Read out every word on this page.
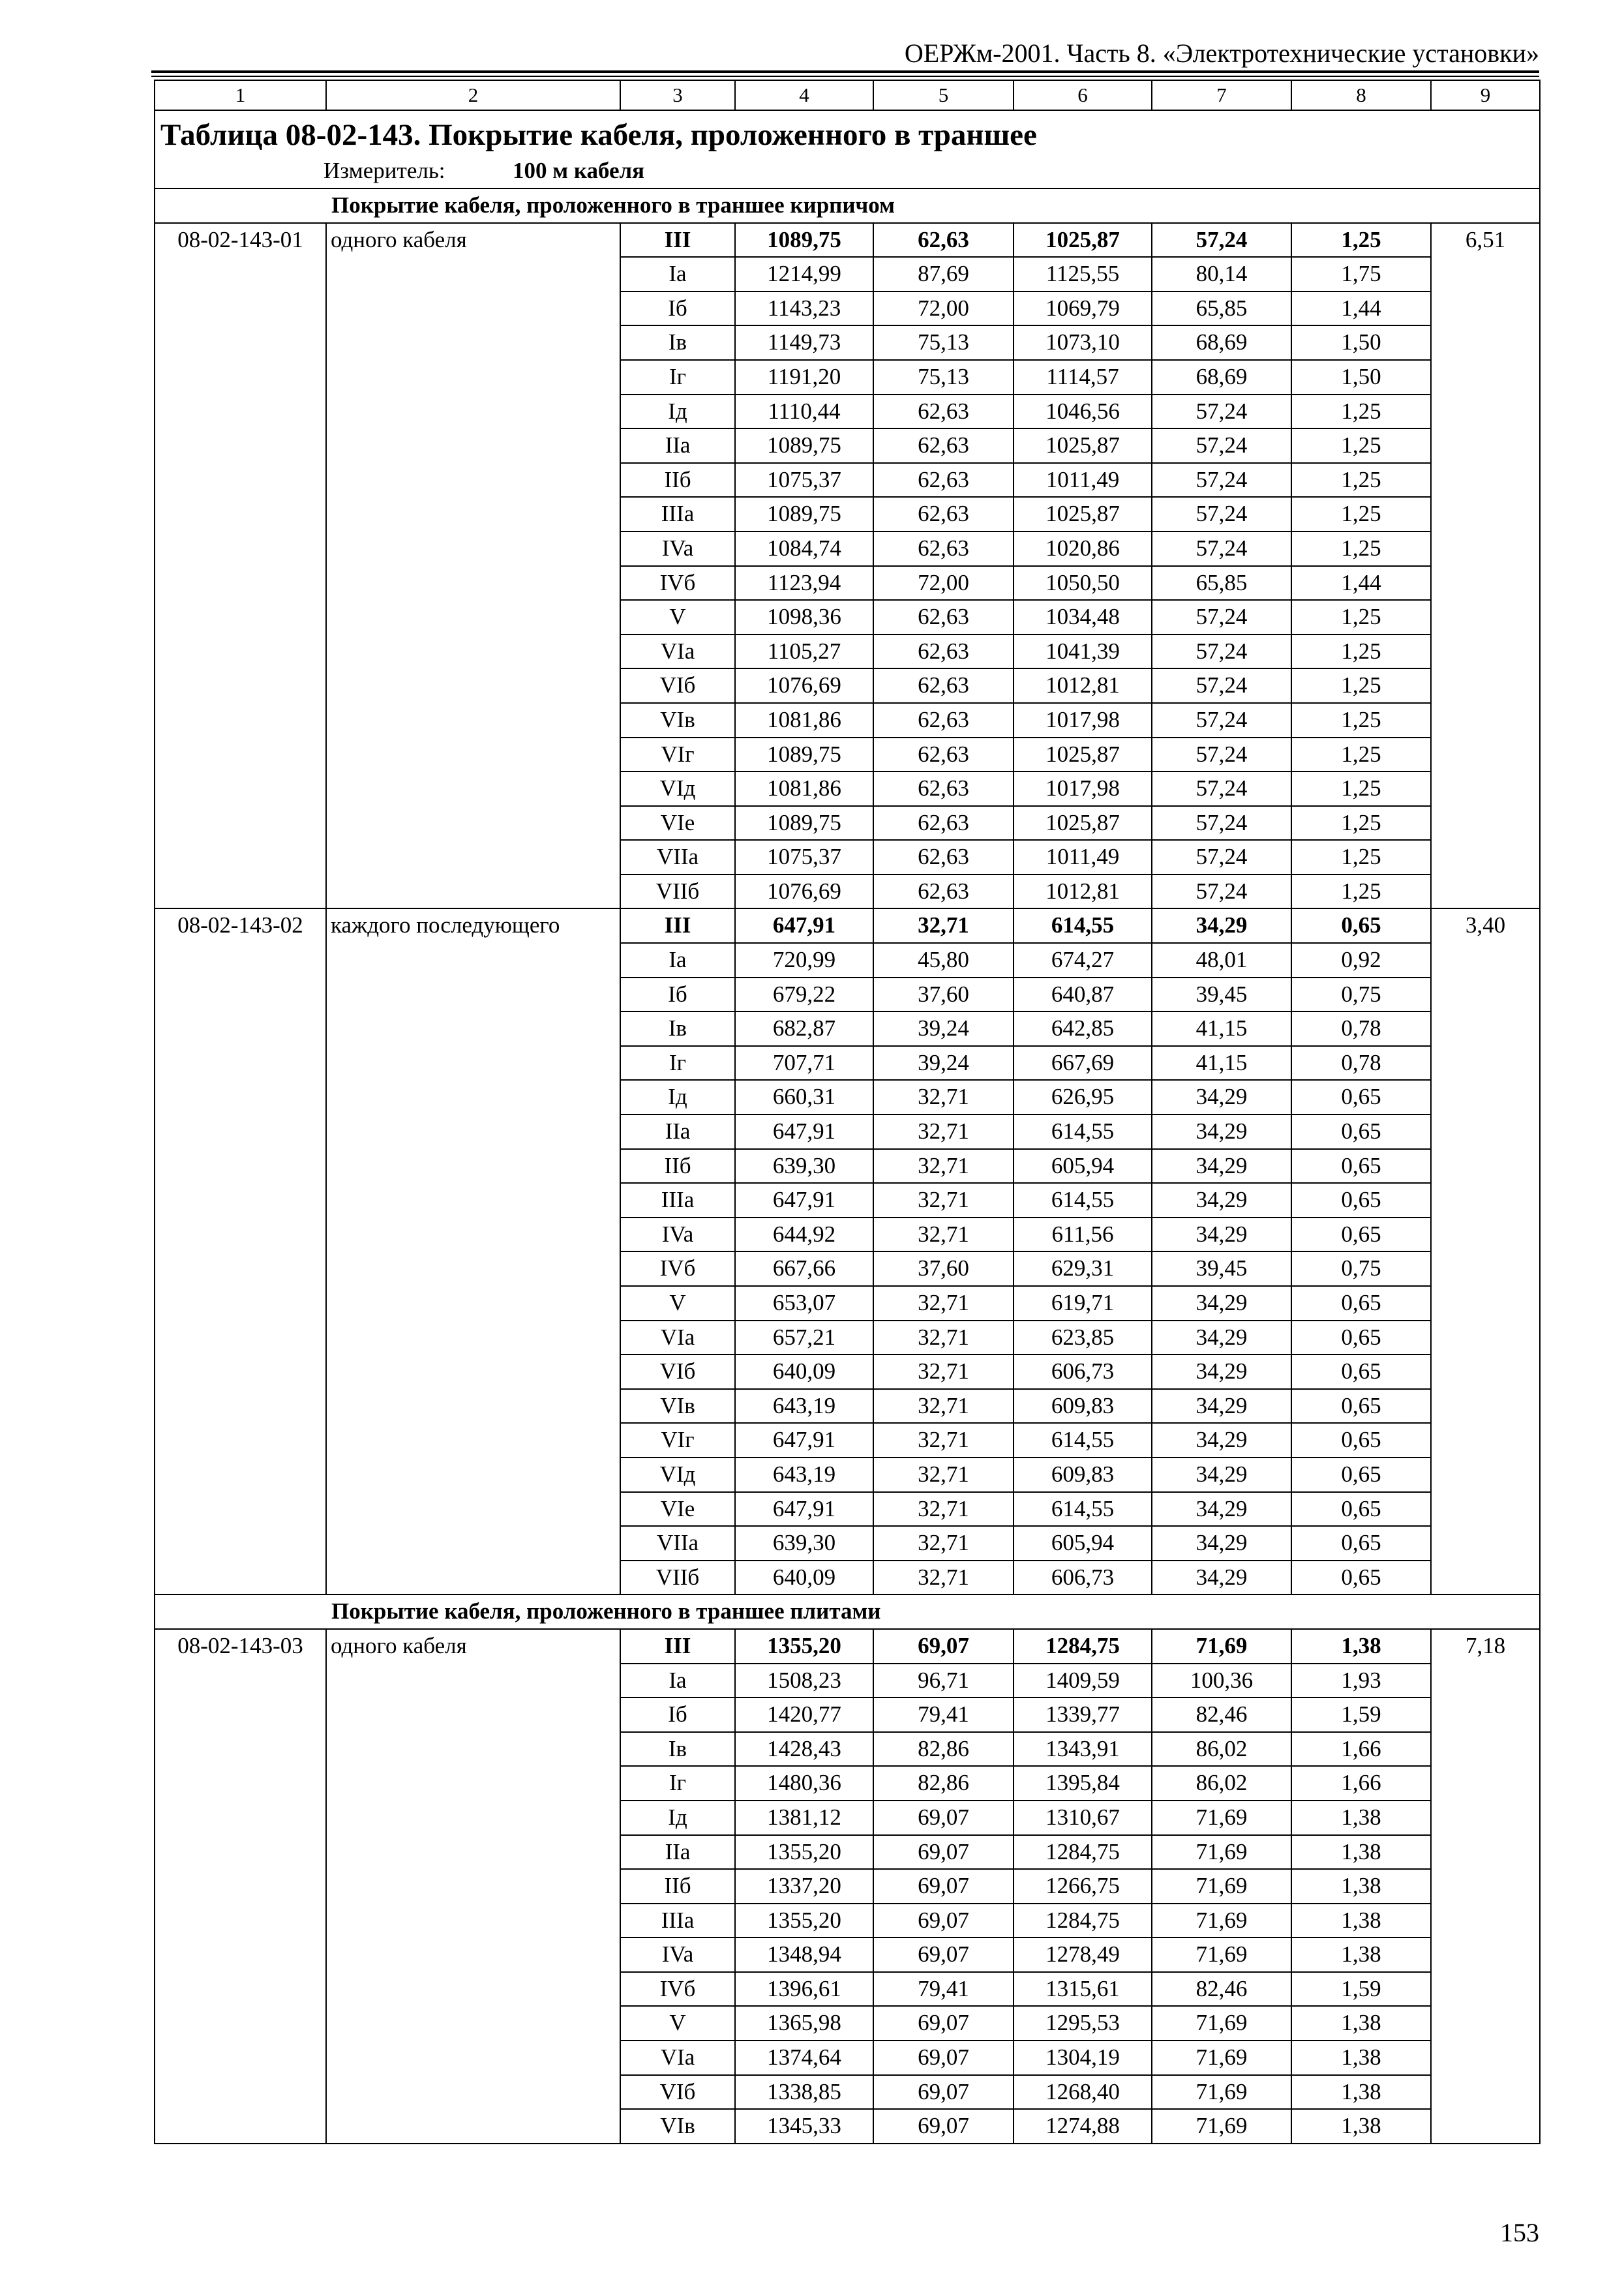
ОЕРЖм-2001. Часть 8. «Электротехнические установки»
1	2	3	4	5	6	7	8	9

Таблица 08-02-143. Покрытие кабеля, проложенного в траншее
Измеритель: 100 м кабеля								

Покрытие кабеля, проложенного в траншее кирпичом								
08-02-143-01	одного кабеля	III	1089,75	62,63	1025,87	57,24	1,25	6,51
		Ia	1214,99	87,69	1125,55	80,14	1,75	
		Iб	1143,23	72,00	1069,79	65,85	1,44	
		Iв	1149,73	75,13	1073,10	68,69	1,50	
		Iг	1191,20	75,13	1114,57	68,69	1,50	
		Iд	1110,44	62,63	1046,56	57,24	1,25	
		IIa	1089,75	62,63	1025,87	57,24	1,25	
		IIб	1075,37	62,63	1011,49	57,24	1,25	
		IIIa	1089,75	62,63	1025,87	57,24	1,25	
		IVa	1084,74	62,63	1020,86	57,24	1,25	
		IVб	1123,94	72,00	1050,50	65,85	1,44	
		V	1098,36	62,63	1034,48	57,24	1,25	
		VIa	1105,27	62,63	1041,39	57,24	1,25	
		VIб	1076,69	62,63	1012,81	57,24	1,25	
		VIв	1081,86	62,63	1017,98	57,24	1,25	
		VIг	1089,75	62,63	1025,87	57,24	1,25	
		VIд	1081,86	62,63	1017,98	57,24	1,25	
		VIe	1089,75	62,63	1025,87	57,24	1,25	
		VIIa	1075,37	62,63	1011,49	57,24	1,25	
		VIIб	1076,69	62,63	1012,81	57,24	1,25	
08-02-143-02	каждого последующего	III	647,91	32,71	614,55	34,29	0,65	3,40
		Ia	720,99	45,80	674,27	48,01	0,92	
		Iб	679,22	37,60	640,87	39,45	0,75	
		Iв	682,87	39,24	642,85	41,15	0,78	
		Iг	707,71	39,24	667,69	41,15	0,78	
		Iд	660,31	32,71	626,95	34,29	0,65	
		IIa	647,91	32,71	614,55	34,29	0,65	
		IIб	639,30	32,71	605,94	34,29	0,65	
		IIIa	647,91	32,71	614,55	34,29	0,65	
		IVa	644,92	32,71	611,56	34,29	0,65	
		IVб	667,66	37,60	629,31	39,45	0,75	
		V	653,07	32,71	619,71	34,29	0,65	
		VIa	657,21	32,71	623,85	34,29	0,65	
		VIб	640,09	32,71	606,73	34,29	0,65	
		VIв	643,19	32,71	609,83	34,29	0,65	
		VIг	647,91	32,71	614,55	34,29	0,65	
		VIд	643,19	32,71	609,83	34,29	0,65	
		VIe	647,91	32,71	614,55	34,29	0,65	
		VIIa	639,30	32,71	605,94	34,29	0,65	
		VIIб	640,09	32,71	606,73	34,29	0,65	
Покрытие кабеля, проложенного в траншее плитами								
08-02-143-03	одного кабеля	III	1355,20	69,07	1284,75	71,69	1,38	7,18
		Ia	1508,23	96,71	1409,59	100,36	1,93	
		Iб	1420,77	79,41	1339,77	82,46	1,59	
		Iв	1428,43	82,86	1343,91	86,02	1,66	
		Iг	1480,36	82,86	1395,84	86,02	1,66	
		Iд	1381,12	69,07	1310,67	71,69	1,38	
		IIa	1355,20	69,07	1284,75	71,69	1,38	
		IIб	1337,20	69,07	1266,75	71,69	1,38	
		IIIa	1355,20	69,07	1284,75	71,69	1,38	
		IVa	1348,94	69,07	1278,49	71,69	1,38	
		IVб	1396,61	79,41	1315,61	82,46	1,59	
		V	1365,98	69,07	1295,53	71,69	1,38	
		VIa	1374,64	69,07	1304,19	71,69	1,38	
		VIб	1338,85	69,07	1268,40	71,69	1,38	
		VIв	1345,33	69,07	1274,88	71,69	1,38	
153
